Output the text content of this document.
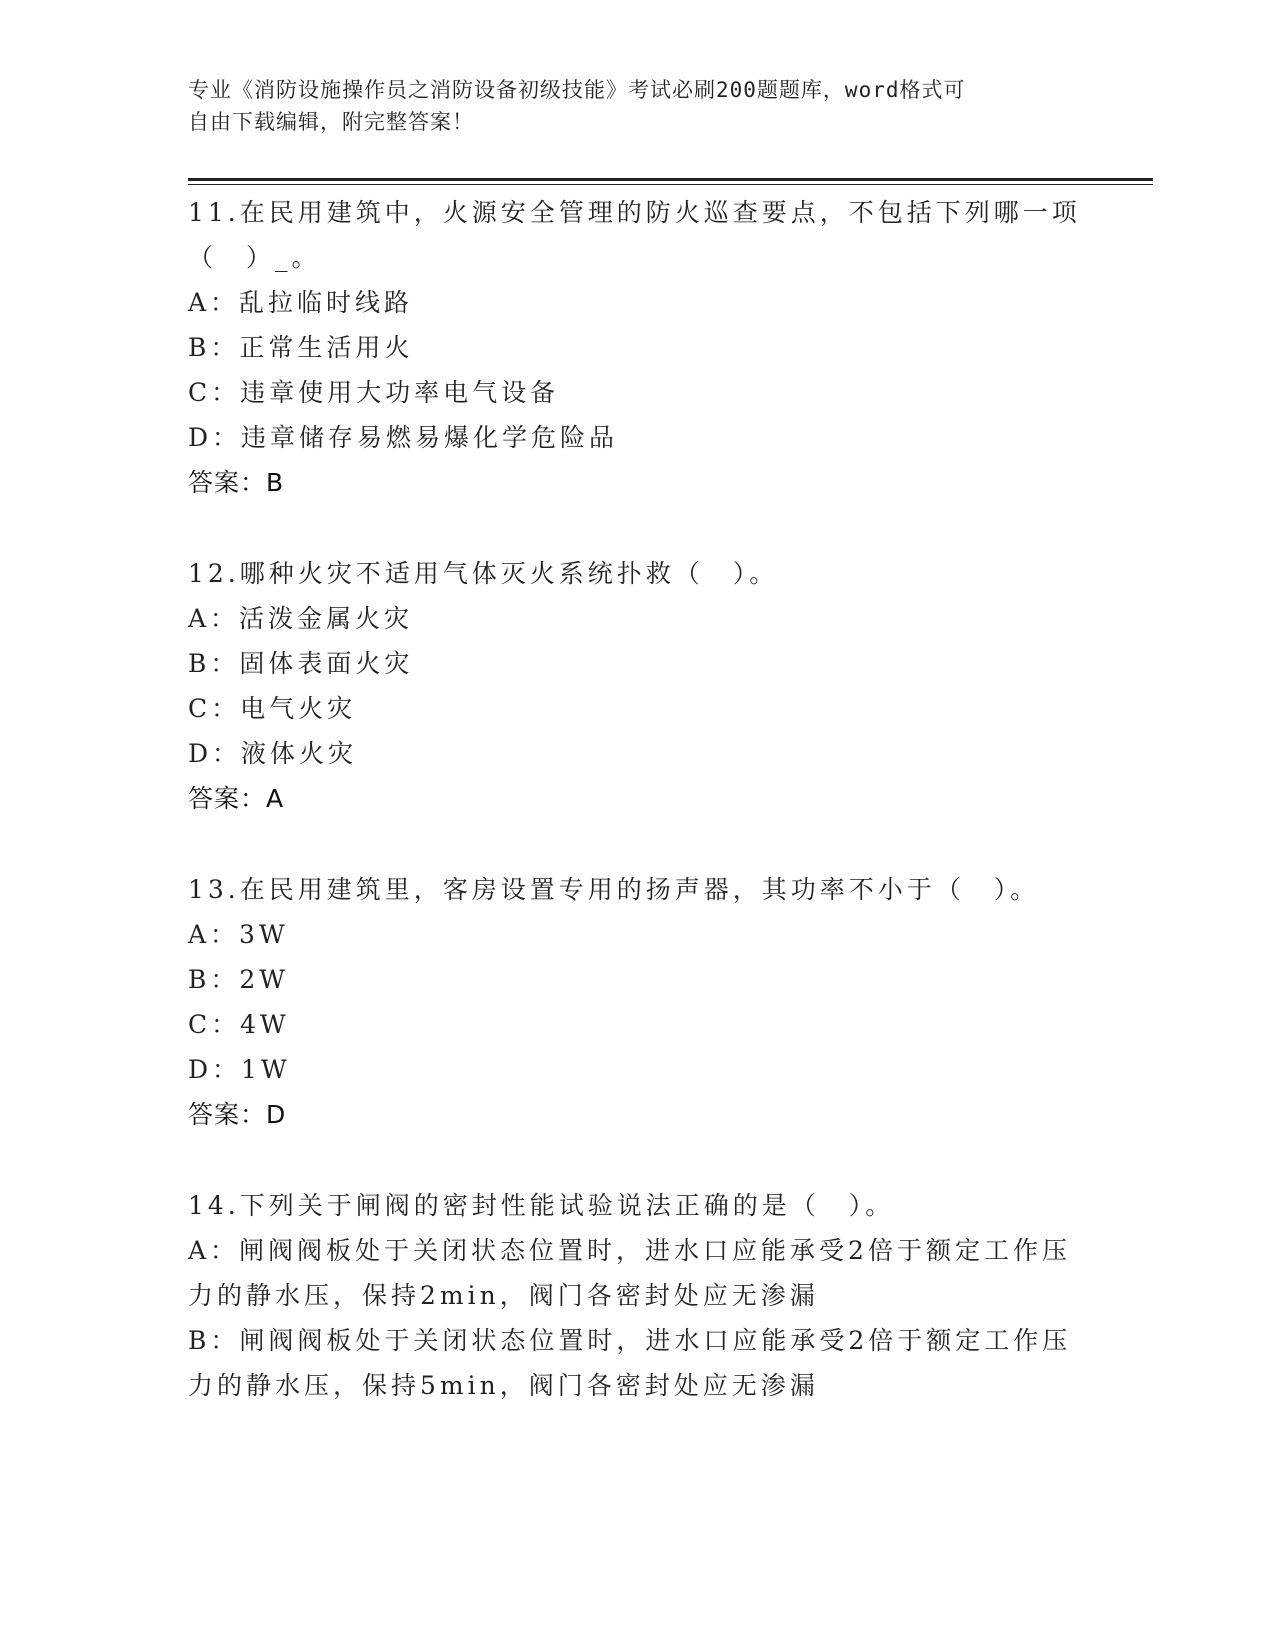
专业《消防设施操作员之消防设备初级技能》考试必刷200题题库，word格式可
自由下载编辑，附完整答案！
11.在民用建筑中，火源安全管理的防火巡查要点，不包括下列哪一项
（　）_。
A：乱拉临时线路
B：正常生活用火
C：违章使用大功率电气设备
D：违章储存易燃易爆化学危险品
答案：B
12.哪种火灾不适用气体灭火系统扑救（　）。
A：活泼金属火灾
B：固体表面火灾
C：电气火灾
D：液体火灾
答案：A
13.在民用建筑里，客房设置专用的扬声器，其功率不小于（　）。
A：3W
B：2W
C：4W
D：1W
答案：D
14.下列关于闸阀的密封性能试验说法正确的是（　）。
A：闸阀阀板处于关闭状态位置时，进水口应能承受2倍于额定工作压
力的静水压，保持2min，阀门各密封处应无渗漏
B：闸阀阀板处于关闭状态位置时，进水口应能承受2倍于额定工作压
力的静水压，保持5min，阀门各密封处应无渗漏
